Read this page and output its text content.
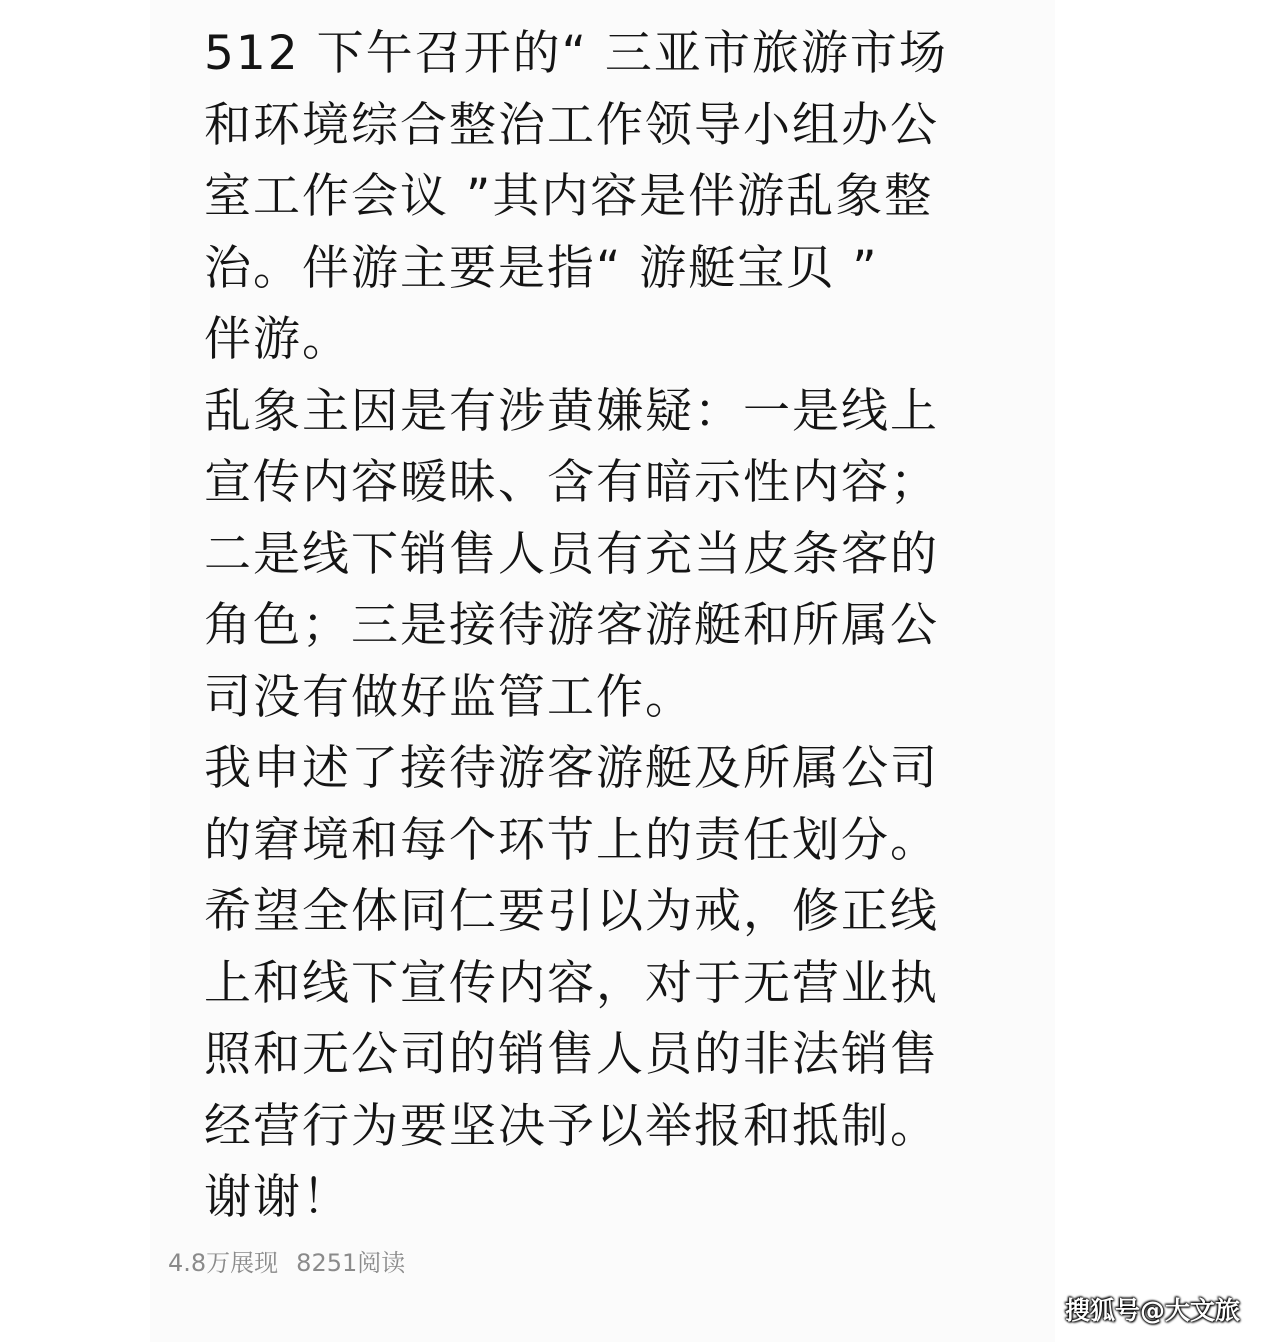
512 下午召开的“ 三亚市旅游市场
和环境综合整治工作领导小组办公
室工作会议 ”其内容是伴游乱象整
治。伴游主要是指“ 游艇宝贝 ”
伴游。
乱象主因是有涉黄嫌疑：一是线上
宣传内容暧昧、含有暗示性内容；
二是线下销售人员有充当皮条客的
角色；三是接待游客游艇和所属公
司没有做好监管工作。
我申述了接待游客游艇及所属公司
的窘境和每个环节上的责任划分。
希望全体同仁要引以为戒，修正线
上和线下宣传内容，对于无营业执
照和无公司的销售人员的非法销售
经营行为要坚决予以举报和抵制。
谢谢！
4.8万展现 8251阅读
搜狐号@大文旅
